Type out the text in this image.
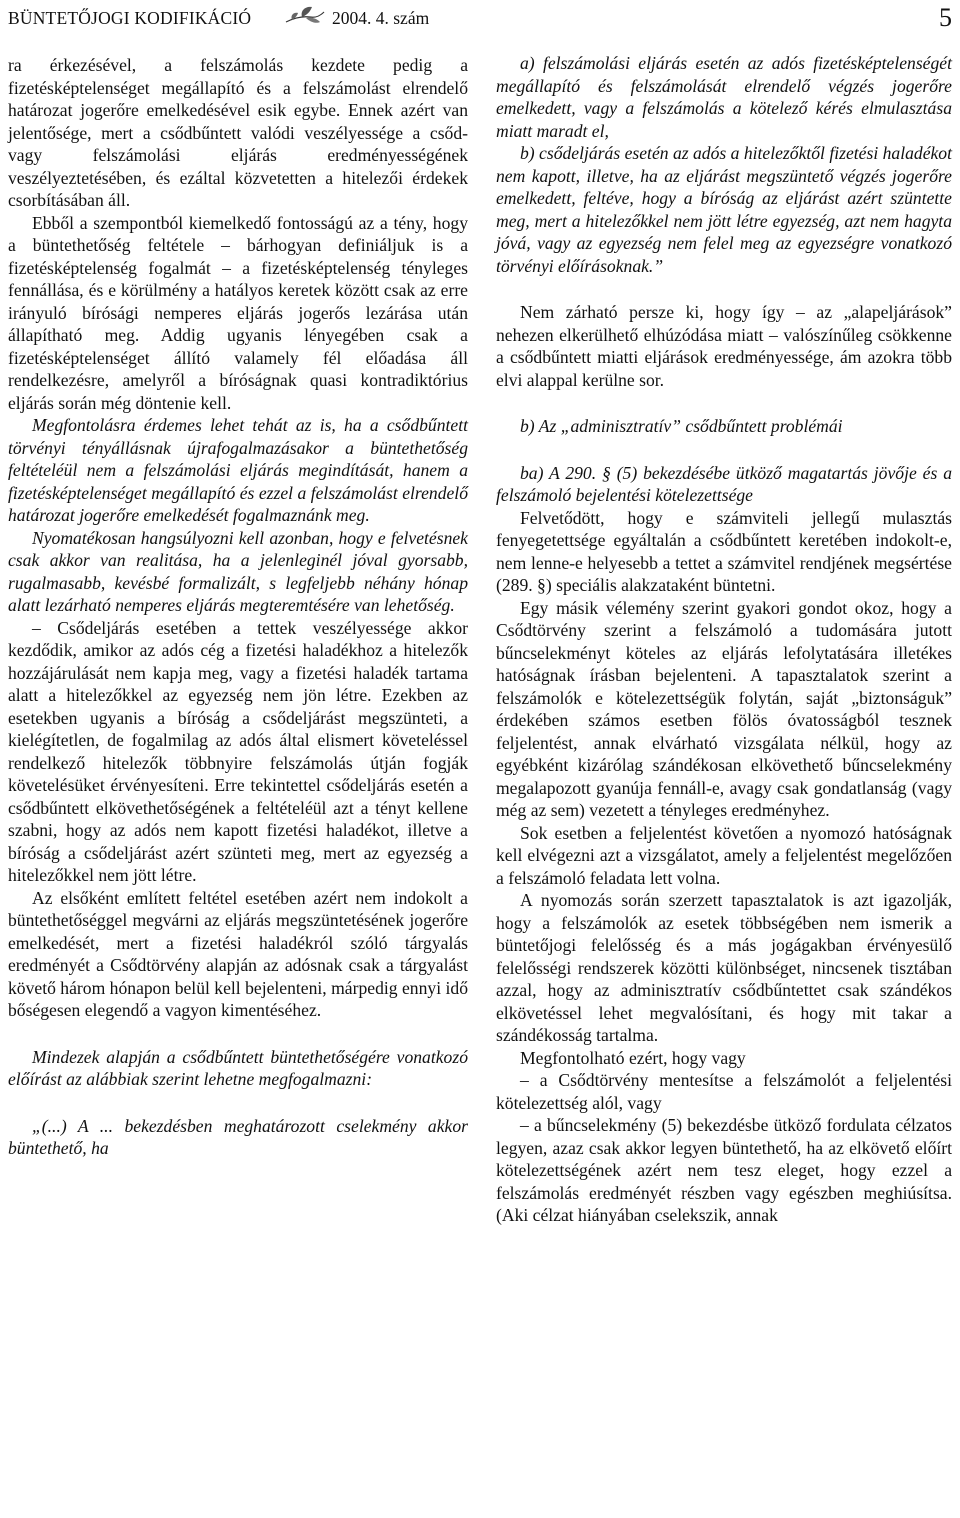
BÜNTETŐJOGI KODIFIKÁCIÓ	2004. 4. szám	5

ra érkezésével, a felszámolás kezdete pedig a fizetésképtelenséget megállapító és a felszámolást elrendelő határozat jogerőre emelkedésével esik egybe. Ennek azért van jelentősége, mert a csődbűntett valódi veszélyessége a csőd- vagy felszámolási eljárás eredményességének veszélyeztetésében, és ezáltal közvetetten a hitelezői érdekek csorbításában áll.

Ebből a szempontból kiemelkedő fontosságú az a tény, hogy a büntethetőség feltétele – bárhogyan definiáljuk is a fizetésképtelenség fogalmát – a fizetésképtelenség tényleges fennállása, és e körülmény a hatályos keretek között csak az erre irányuló bírósági nemperes eljárás jogerős lezárása után állapítható meg. Addig ugyanis lényegében csak a fizetésképtelenséget állító valamely fél előadása áll rendelkezésre, amelyről a bíróságnak quasi kontradiktórius eljárás során még döntenie kell.

Megfontolásra érdemes lehet tehát az is, ha a csődbűntett törvényi tényállásnak újrafogalmazásakor a büntethetőség feltételéül nem a felszámolási eljárás megindítását, hanem a fizetésképtelenséget megállapító és ezzel a felszámolást elrendelő határozat jogerőre emelkedését fogalmaznánk meg.

Nyomatékosan hangsúlyozni kell azonban, hogy e felvetésnek csak akkor van realitása, ha a jelenleginél jóval gyorsabb, rugalmasabb, kevésbé formalizált, s legfeljebb néhány hónap alatt lezárható nemperes eljárás megteremtésére van lehetőség.

– Csődeljárás esetében a tettek veszélyessége akkor kezdődik, amikor az adós cég a fizetési haladékhoz a hitelezők hozzájárulását nem kapja meg, vagy a fizetési haladék tartama alatt a hitelezőkkel az egyezség nem jön létre. Ezekben az esetekben ugyanis a bíróság a csődeljárást megszünteti, a kielégítetlen, de fogalmilag az adós által elismert követeléssel rendelkező hitelezők többnyire felszámolás útján fogják követelésüket érvényesíteni. Erre tekintettel csődeljárás esetén a csődbűntett elkövethetőségének a feltételéül azt a tényt kellene szabni, hogy az adós nem kapott fizetési haladékot, illetve a bíróság a csődeljárást azért szünteti meg, mert az egyezség a hitelezőkkel nem jött létre.

Az elsőként említett feltétel esetében azért nem indokolt a büntethetőséggel megvárni az eljárás megszüntetésének jogerőre emelkedését, mert a fizetési haladékról szóló tárgyalás eredményét a Csődtörvény alapján az adósnak csak a tárgyalást követő három hónapon belül kell bejelenteni, márpedig ennyi idő bőségesen elegendő a vagyon kimentéséhez.

Mindezek alapján a csődbűntett büntethetőségére vonatkozó előírást az alábbiak szerint lehetne megfogalmazni:

„(...) A ... bekezdésben meghatározott cselekmény akkor büntethető, ha

a) felszámolási eljárás esetén az adós fizetésképtelenségét megállapító és felszámolását elrendelő végzés jogerőre emelkedett, vagy a felszámolás a kötelező kérés elmulasztása miatt maradt el,

b) csődeljárás esetén az adós a hitelezőktől fizetési haladékot nem kapott, illetve, ha az eljárást megszüntető végzés jogerőre emelkedett, feltéve, hogy a bíróság az eljárást azért szüntette meg, mert a hitelezőkkel nem jött létre egyezség, azt nem hagyta jóvá, vagy az egyezség nem felel meg az egyezségre vonatkozó törvényi előírásoknak.”

Nem zárható persze ki, hogy így – az „alapeljárások” nehezen elkerülhető elhúzódása miatt – valószínűleg csökkenne a csődbűntett miatti eljárások eredményessége, ám azokra több elvi alappal kerülne sor.

b) Az „adminisztratív” csődbűntett problémái

ba) A 290. § (5) bekezdésébe ütköző magatartás jövője és a felszámoló bejelentési kötelezettsége

Felvetődött, hogy e számviteli jellegű mulasztás fenyegetettsége egyáltalán a csődbűntett keretében indokolt-e, nem lenne-e helyesebb a tettet a számvitel rendjének megsértése (289. §) speciális alakzataként büntetni.

Egy másik vélemény szerint gyakori gondot okoz, hogy a Csődtörvény szerint a felszámoló a tudomására jutott bűncselekményt köteles az eljárás lefolytatására illetékes hatóságnak írásban bejelenteni. A tapasztalatok szerint a felszámolók e kötelezettségük folytán, saját „biztonságuk” érdekében számos esetben fölös óvatosságból tesznek feljelentést, annak elvárható vizsgálata nélkül, hogy az egyébként kizárólag szándékosan elkövethető bűncselekmény megalapozott gyanúja fennáll-e, avagy csak gondatlanság (vagy még az sem) vezetett a tényleges eredményhez.

Sok esetben a feljelentést követően a nyomozó hatóságnak kell elvégezni azt a vizsgálatot, amely a feljelentést megelőzően a felszámoló feladata lett volna.

A nyomozás során szerzett tapasztalatok is azt igazolják, hogy a felszámolók az esetek többségében nem ismerik a büntetőjogi felelősség és a más jogágakban érvényesülő felelősségi rendszerek közötti különbséget, nincsenek tisztában azzal, hogy az adminisztratív csődbűntettet csak szándékos elkövetéssel lehet megvalósítani, és hogy mit takar a szándékosság tartalma.

Megfontolható ezért, hogy vagy

– a Csődtörvény mentesítse a felszámolót a feljelentési kötelezettség alól, vagy

– a bűncselekmény (5) bekezdésbe ütköző fordulata célzatos legyen, azaz csak akkor legyen büntethető, ha az elkövető előírt kötelezettségének azért nem tesz eleget, hogy ezzel a felszámolás eredményét részben vagy egészben meghiúsítsa. (Aki célzat hiányában cselekszik, annak
